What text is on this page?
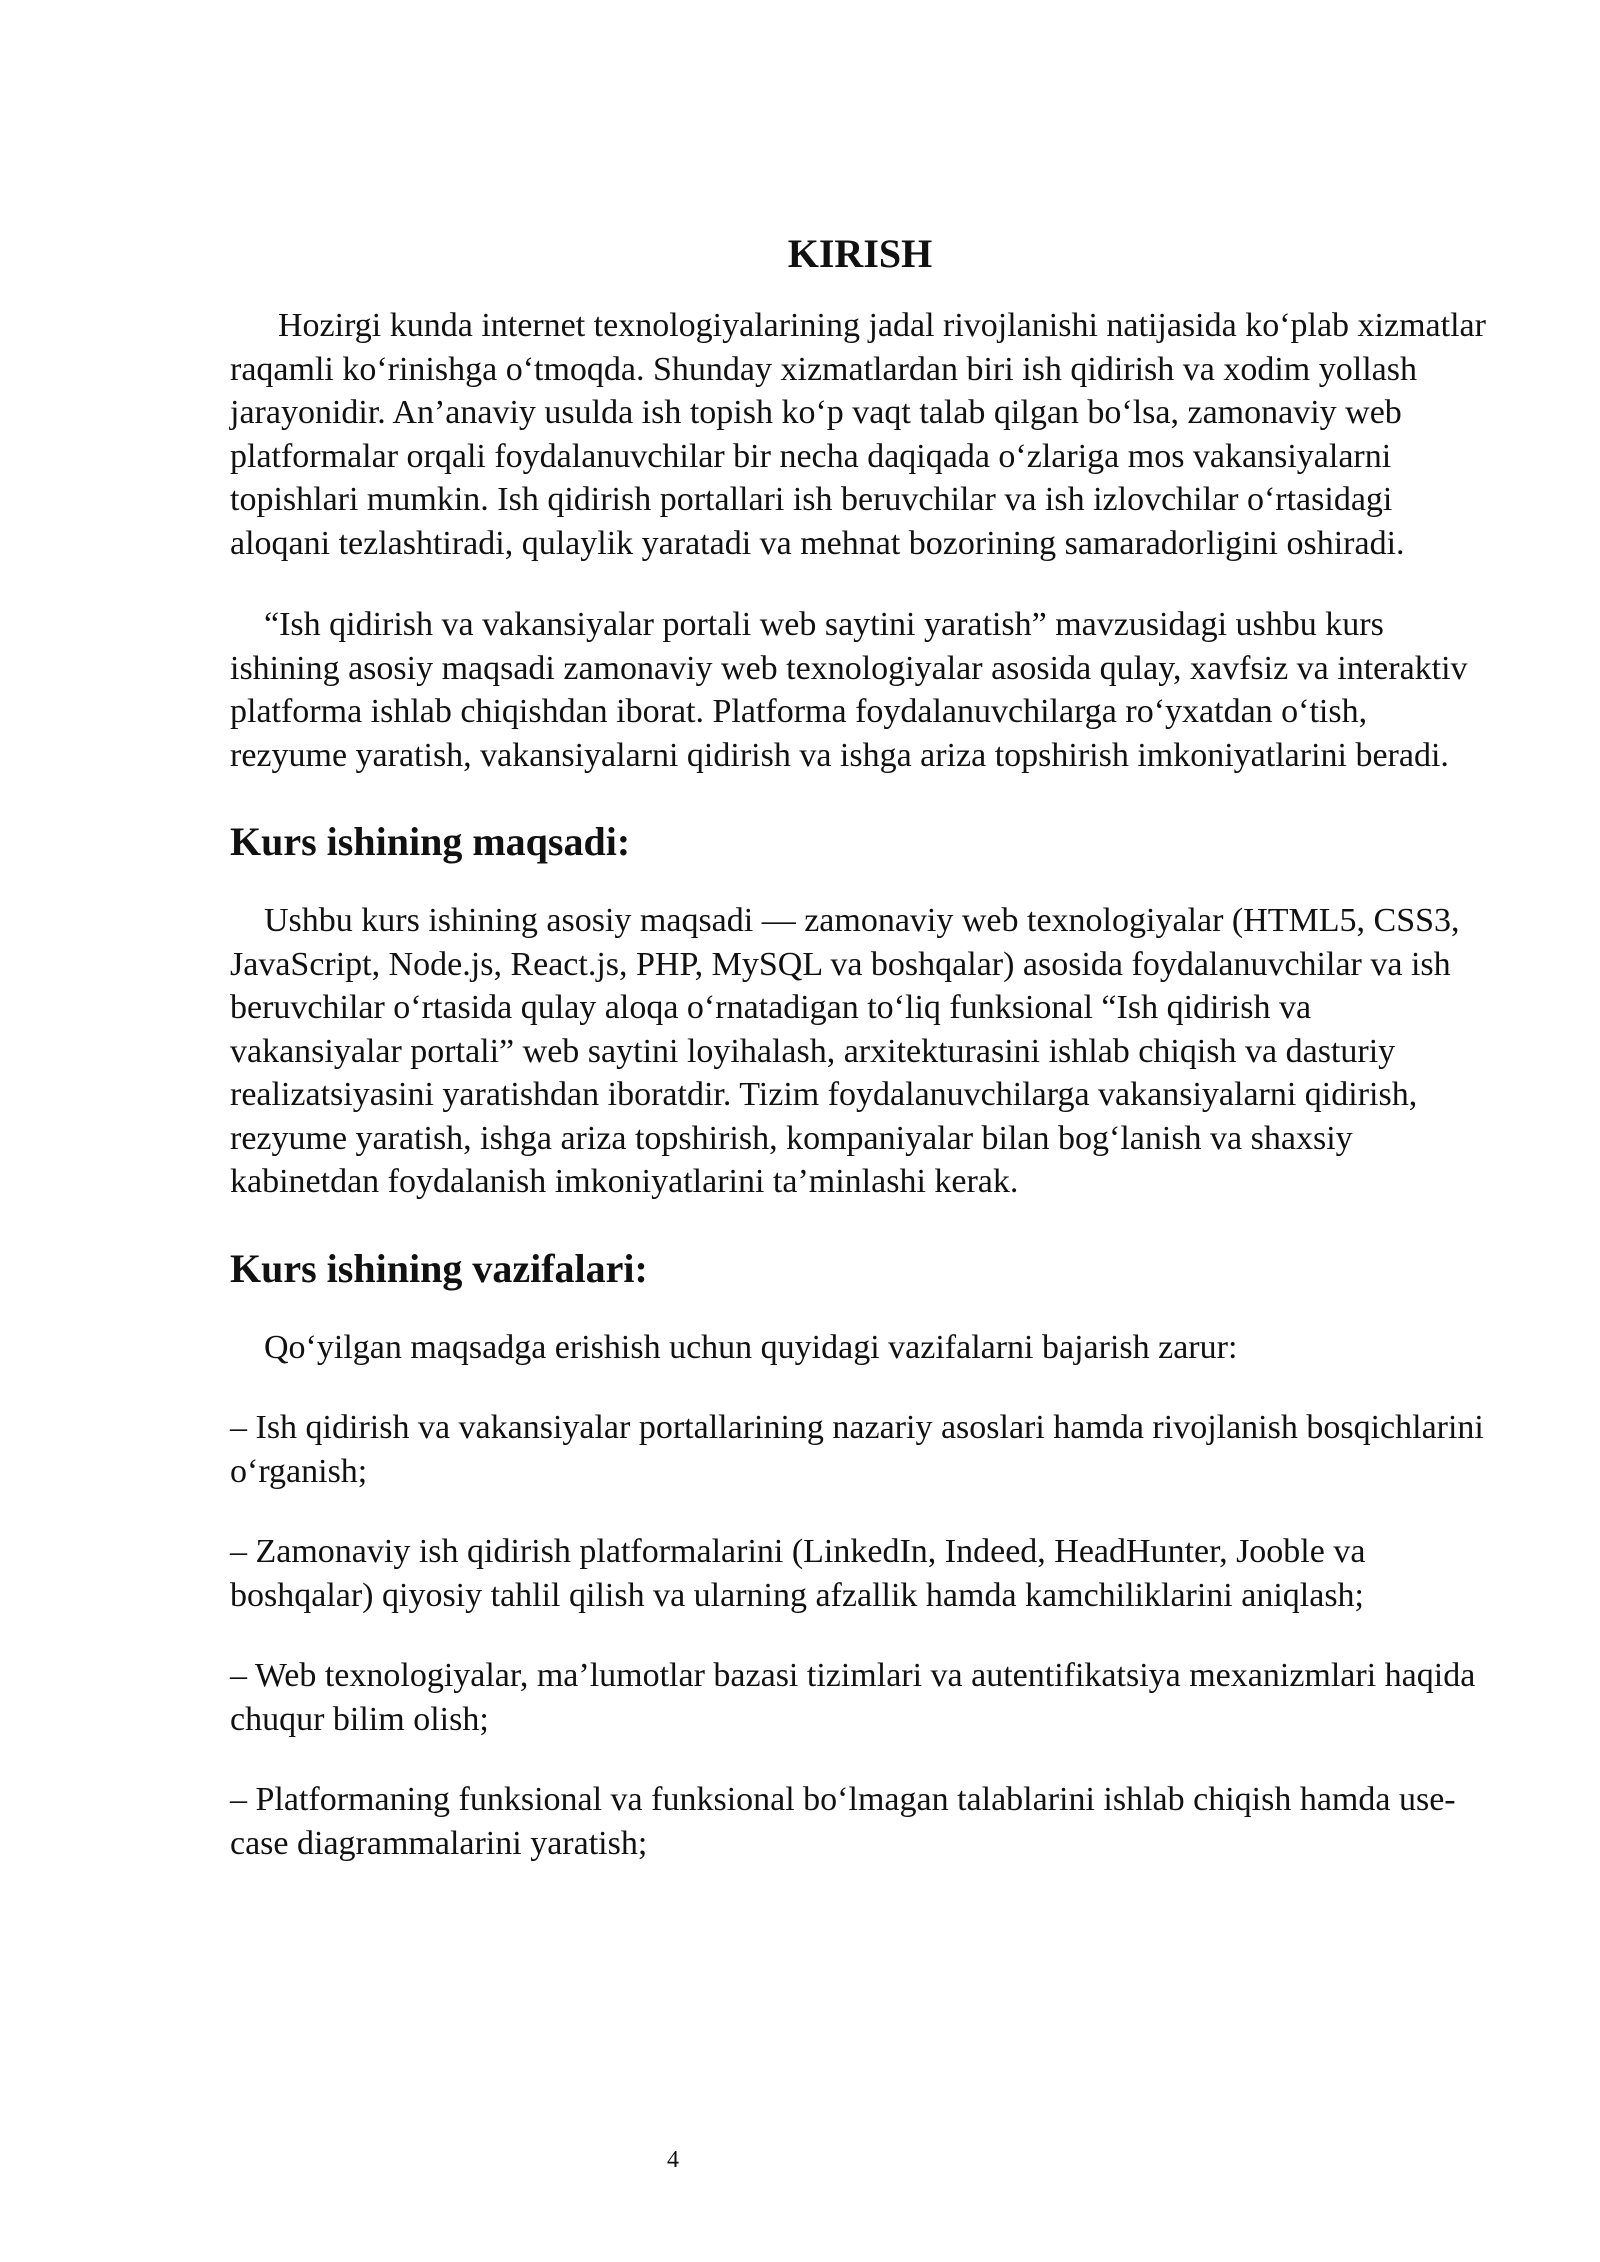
KIRISH

Hozirgi kunda internet texnologiyalarining jadal rivojlanishi natijasida ko‘plab xizmatlar raqamli ko‘rinishga o‘tmoqda. Shunday xizmatlardan biri ish qidirish va xodim yollash jarayonidir. An’anaviy usulda ish topish ko‘p vaqt talab qilgan bo‘lsa, zamonaviy web platformalar orqali foydalanuvchilar bir necha daqiqada o‘zlariga mos vakansiyalarni topishlari mumkin. Ish qidirish portallari ish beruvchilar va ish izlovchilar o‘rtasidagi aloqani tezlashtiradi, qulaylik yaratadi va mehnat bozorining samaradorligini oshiradi.

“Ish qidirish va vakansiyalar portali web saytini yaratish” mavzusidagi ushbu kurs ishining asosiy maqsadi zamonaviy web texnologiyalar asosida qulay, xavfsiz va interaktiv platforma ishlab chiqishdan iborat. Platforma foydalanuvchilarga ro‘yxatdan o‘tish, rezyume yaratish, vakansiyalarni qidirish va ishga ariza topshirish imkoniyatlarini beradi.

Kurs ishining maqsadi:

Ushbu kurs ishining asosiy maqsadi — zamonaviy web texnologiyalar (HTML5, CSS3, JavaScript, Node.js, React.js, PHP, MySQL va boshqalar) asosida foydalanuvchilar va ish beruvchilar o‘rtasida qulay aloqa o‘rnatadigan to‘liq funksional “Ish qidirish va vakansiyalar portali” web saytini loyihalash, arxitekturasini ishlab chiqish va dasturiy realizatsiyasini yaratishdan iboratdir. Tizim foydalanuvchilarga vakansiyalarni qidirish, rezyume yaratish, ishga ariza topshirish, kompaniyalar bilan bog‘lanish va shaxsiy kabinetdan foydalanish imkoniyatlarini ta’minlashi kerak.

Kurs ishining vazifalari:

Qo‘yilgan maqsadga erishish uchun quyidagi vazifalarni bajarish zarur:

– Ish qidirish va vakansiyalar portallarining nazariy asoslari hamda rivojlanish bosqichlarini o‘rganish;

– Zamonaviy ish qidirish platformalarini (LinkedIn, Indeed, HeadHunter, Jooble va boshqalar) qiyosiy tahlil qilish va ularning afzallik hamda kamchiliklarini aniqlash;

– Web texnologiyalar, ma’lumotlar bazasi tizimlari va autentifikatsiya mexanizmlari haqida chuqur bilim olish;

– Platformaning funksional va funksional bo‘lmagan talablarini ishlab chiqish hamda use-case diagrammalarini yaratish;

4
